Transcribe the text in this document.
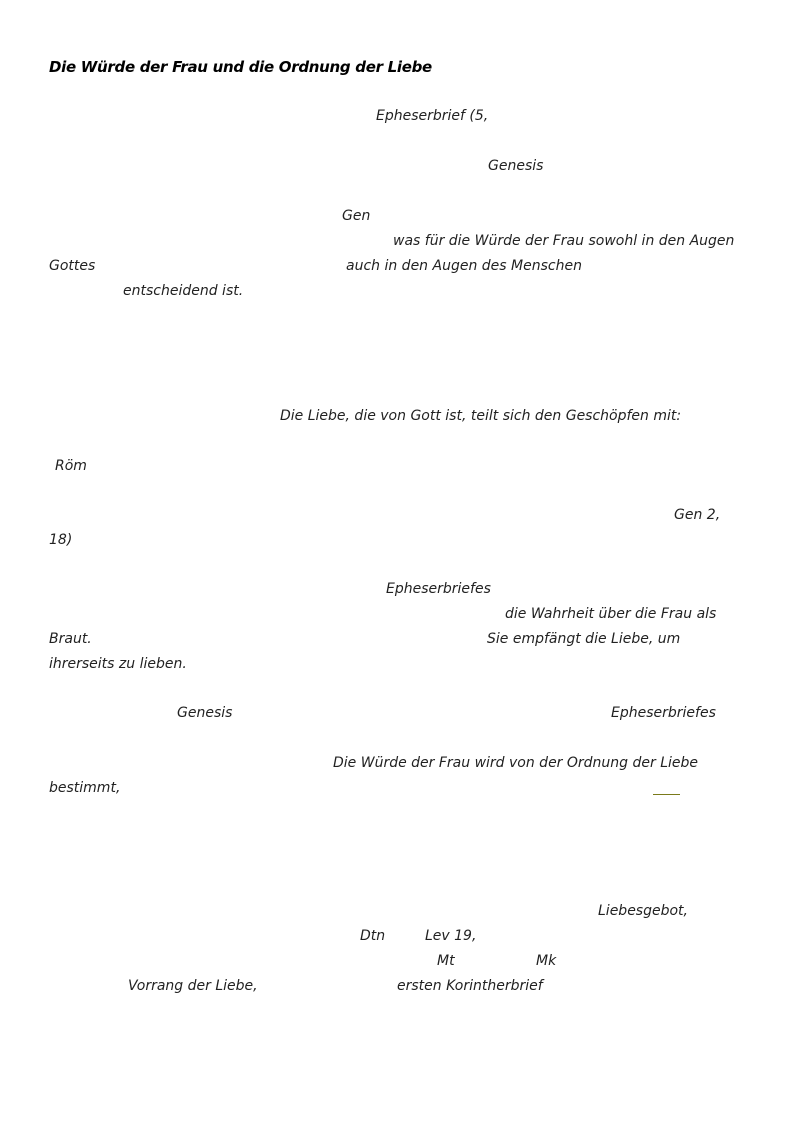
Die Würde der Frau und die Ordnung der Liebe
Epheserbrief (5,
Genesis
Gen
was für die Würde der Frau sowohl in den Augen
Gottes	auch in den Augen des Menschen
entscheidend ist.
Die Liebe, die von Gott ist, teilt sich den Geschöpfen mit:
Röm
Gen 2,
18)
Epheserbriefes
die Wahrheit über die Frau als
Braut.	Sie empfängt die Liebe, um
ihrerseits zu lieben.
Genesis	Epheserbriefes
Die Würde der Frau wird von der Ordnung der Liebe
bestimmt,
Liebesgebot,
Dtn	Lev 19,
Mt	Mk
Vorrang der Liebe,	ersten Korintherbrief
